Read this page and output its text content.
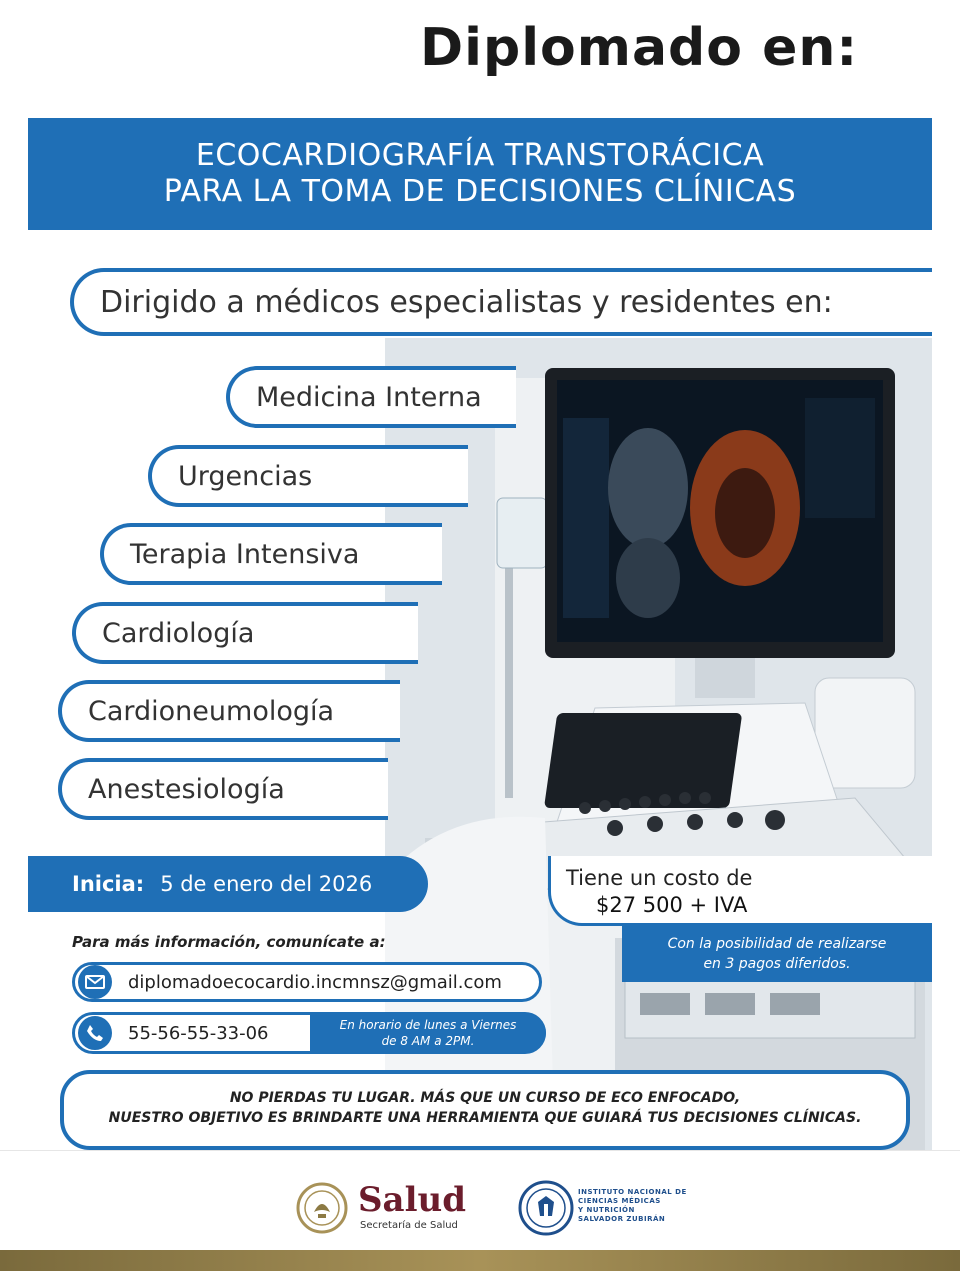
Diplomado en:
ECOCARDIOGRAFÍA TRANSTORÁCICA
PARA LA TOMA DE DECISIONES CLÍNICAS
Dirigido a médicos especialistas y residentes en:
Medicina Interna
Urgencias
Terapia Intensiva
Cardiología
Cardioneumología
Anestesiología
Inicia: 5 de enero del 2026	Tiene un costo de
$27 500 + IVA
Con la posibilidad de realizarse
en 3 pagos diferidos.
Para más información, comunícate a:
diplomadoecocardio.incmnsz@gmail.com
55-56-55-33-06	En horario de lunes a Viernes
de 8 AM a 2PM.
NO PIERDAS TU LUGAR. MÁS QUE UN CURSO DE ECO ENFOCADO,
NUESTRO OBJETIVO ES BRINDARTE UNA HERRAMIENTA QUE GUIARÁ TUS DECISIONES CLÍNICAS.
Salud
Secretaría de Salud
INSTITUTO NACIONAL DE
CIENCIAS MÉDICAS
Y NUTRICIÓN
SALVADOR ZUBIRÁN
